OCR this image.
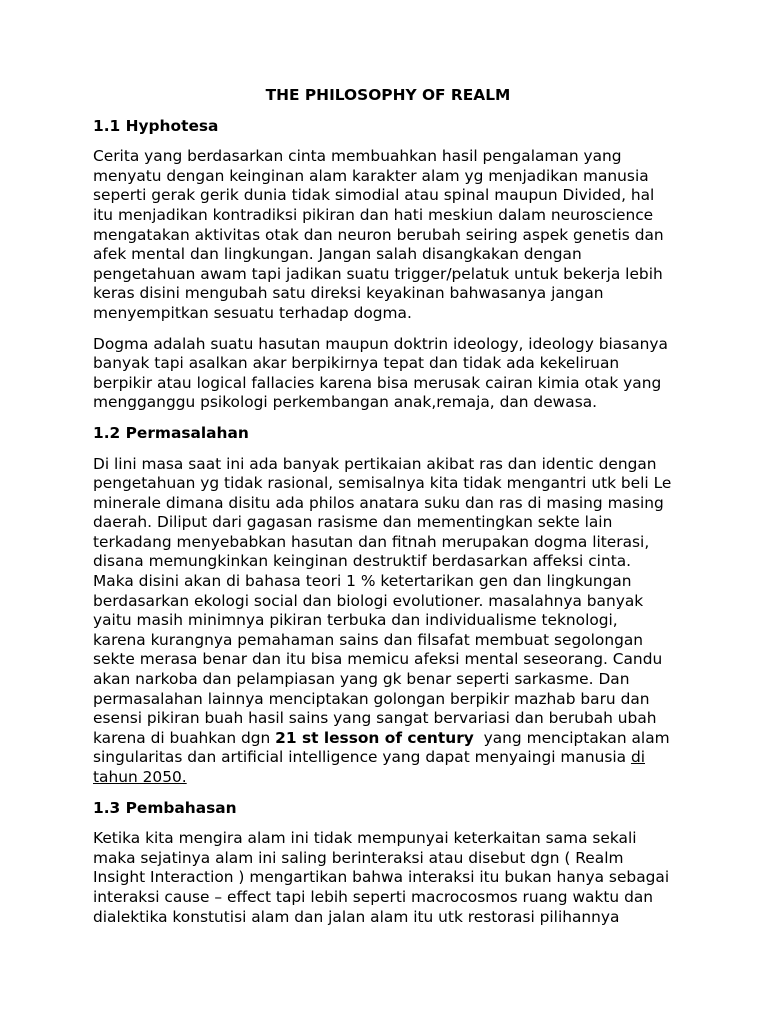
THE PHILOSOPHY OF REALM
1.1 Hyphotesa
Cerita yang berdasarkan cinta membuahkan hasil pengalaman yang
menyatu dengan keinginan alam karakter alam yg menjadikan manusia
seperti gerak gerik dunia tidak simodial atau spinal maupun Divided, hal
itu menjadikan kontradiksi pikiran dan hati meskiun dalam neuroscience
mengatakan aktivitas otak dan neuron berubah seiring aspek genetis dan
afek mental dan lingkungan. Jangan salah disangkakan dengan
pengetahuan awam tapi jadikan suatu trigger/pelatuk untuk bekerja lebih
keras disini mengubah satu direksi keyakinan bahwasanya jangan
menyempitkan sesuatu terhadap dogma.
Dogma adalah suatu hasutan maupun doktrin ideology, ideology biasanya
banyak tapi asalkan akar berpikirnya tepat dan tidak ada kekeliruan
berpikir atau logical fallacies karena bisa merusak cairan kimia otak yang
mengganggu psikologi perkembangan anak,remaja, dan dewasa.
1.2 Permasalahan
Di lini masa saat ini ada banyak pertikaian akibat ras dan identic dengan
pengetahuan yg tidak rasional, semisalnya kita tidak mengantri utk beli Le
minerale dimana disitu ada philos anatara suku dan ras di masing masing
daerah. Diliput dari gagasan rasisme dan mementingkan sekte lain
terkadang menyebabkan hasutan dan fitnah merupakan dogma literasi,
disana memungkinkan keinginan destruktif berdasarkan affeksi cinta.
Maka disini akan di bahasa teori 1 % ketertarikan gen dan lingkungan
berdasarkan ekologi social dan biologi evolutioner. masalahnya banyak
yaitu masih minimnya pikiran terbuka dan individualisme teknologi,
karena kurangnya pemahaman sains dan filsafat membuat segolongan
sekte merasa benar dan itu bisa memicu afeksi mental seseorang. Candu
akan narkoba dan pelampiasan yang gk benar seperti sarkasme. Dan
permasalahan lainnya menciptakan golongan berpikir mazhab baru dan
esensi pikiran buah hasil sains yang sangat bervariasi dan berubah ubah
karena di buahkan dgn 21 st lesson of century  yang menciptakan alam
singularitas dan artificial intelligence yang dapat menyaingi manusia di
tahun 2050.
1.3 Pembahasan
Ketika kita mengira alam ini tidak mempunyai keterkaitan sama sekali
maka sejatinya alam ini saling berinteraksi atau disebut dgn ( Realm
Insight Interaction ) mengartikan bahwa interaksi itu bukan hanya sebagai
interaksi cause – effect tapi lebih seperti macrocosmos ruang waktu dan
dialektika konstutisi alam dan jalan alam itu utk restorasi pilihannya
